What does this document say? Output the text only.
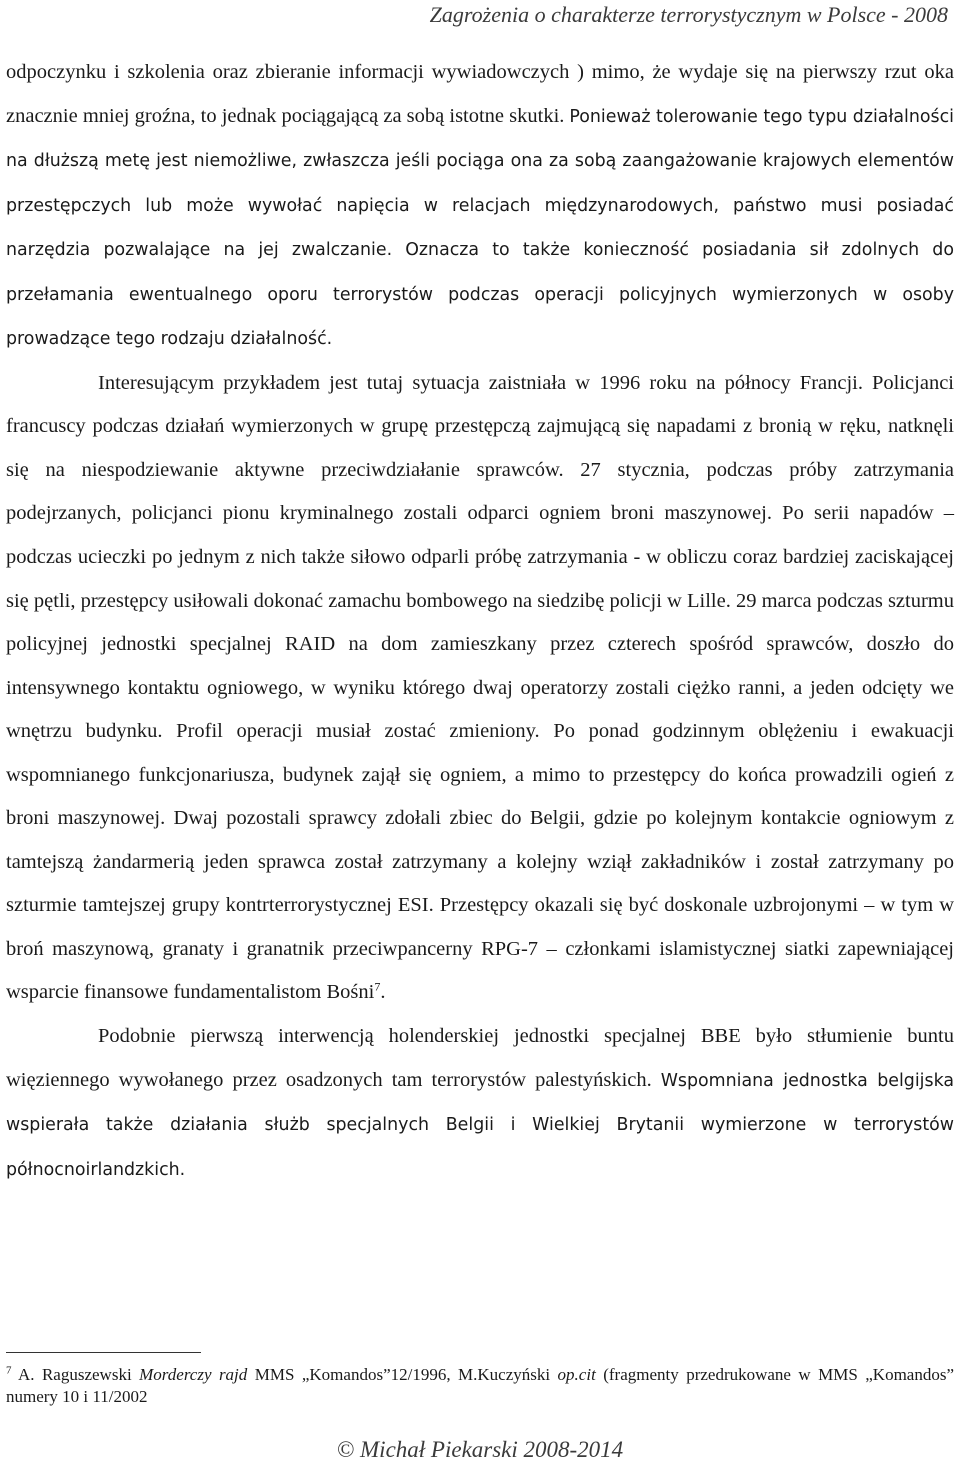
Zagrożenia o charakterze terrorystycznym w Polsce - 2008

odpoczynku i szkolenia oraz zbieranie informacji wywiadowczych ) mimo, że wydaje się na pierwszy rzut oka znacznie mniej groźna, to jednak pociągającą za sobą istotne skutki. Ponieważ tolerowanie tego typu działalności na dłuższą metę jest niemożliwe, zwłaszcza jeśli pociąga ona za sobą zaangażowanie krajowych elementów przestępczych lub może wywołać napięcia w relacjach międzynarodowych, państwo musi posiadać narzędzia pozwalające na jej zwalczanie. Oznacza to także konieczność posiadania sił zdolnych do przełamania ewentualnego oporu terrorystów podczas operacji policyjnych wymierzonych w osoby prowadzące tego rodzaju działalność.

Interesującym przykładem jest tutaj sytuacja zaistniała w 1996 roku na północy Francji. Policjanci francuscy podczas działań wymierzonych w grupę przestępczą zajmującą się napadami z bronią w ręku, natknęli się na niespodziewanie aktywne przeciwdziałanie sprawców. 27 stycznia, podczas próby zatrzymania podejrzanych, policjanci pionu kryminalnego zostali odparci ogniem broni maszynowej. Po serii napadów – podczas ucieczki po jednym z nich także siłowo odparli próbę zatrzymania - w obliczu coraz bardziej zaciskającej się pętli, przestępcy usiłowali dokonać zamachu bombowego na siedzibę policji w Lille. 29 marca podczas szturmu policyjnej jednostki specjalnej RAID na dom zamieszkany przez czterech spośród sprawców, doszło do intensywnego kontaktu ogniowego, w wyniku którego dwaj operatorzy zostali ciężko ranni, a jeden odcięty we wnętrzu budynku. Profil operacji musiał zostać zmieniony. Po ponad godzinnym oblężeniu i ewakuacji wspomnianego funkcjonariusza, budynek zajął się ogniem, a mimo to przestępcy do końca prowadzili ogień z broni maszynowej. Dwaj pozostali sprawcy zdołali zbiec do Belgii, gdzie po kolejnym kontakcie ogniowym z tamtejszą żandarmerią jeden sprawca został zatrzymany a kolejny wziął zakładników i został zatrzymany po szturmie tamtejszej grupy kontrterrorystycznej ESI. Przestępcy okazali się być doskonale uzbrojonymi – w tym w broń maszynową, granaty i granatnik przeciwpancerny RPG-7 – członkami islamistycznej siatki zapewniającej wsparcie finansowe fundamentalistom Bośni$^7$.

Podobnie pierwszą interwencją holenderskiej jednostki specjalnej BBE było stłumienie buntu więziennego wywołanego przez osadzonych tam terrorystów palestyńskich. Wspomniana jednostka belgijska wspierała także działania służb specjalnych Belgii i Wielkiej Brytanii wymierzone w terrorystów północnoirlandzkich.

$^7$ A. Raguszewski Morderczy rajd MMS „Komandos”12/1996, M.Kuczyński op.cit (fragmenty przedrukowane w MMS „Komandos” numery 10 i 11/2002
© Michał Piekarski 2008-2014
